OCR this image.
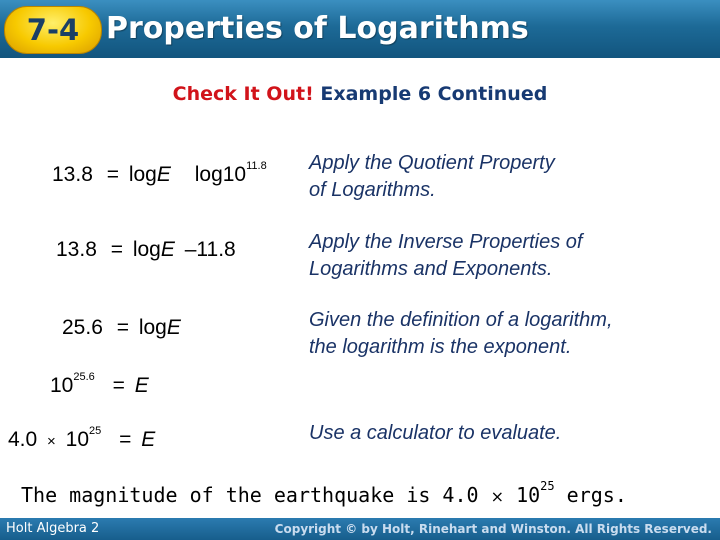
7-4 Properties of Logarithms
Check It Out! Example 6 Continued
13.8 = logE $\log 10^{11.8}$ Apply the Quotient Property
of Logarithms.
13.8 = logE –11.8	Apply the Inverse Properties of
Logarithms and Exponents.
25.6 = logE	Given the definition of a logarithm,
the logarithm is the exponent.
$10^{25.6} = E$
$4.0 \times 10^{25} = E$	Use a calculator to evaluate.
The magnitude of the earthquake is $4.0 \times 10^{25}$ ergs.
Holt Algebra 2	Copyright © by Holt, Rinehart and Winston. All Rights Reserved.
